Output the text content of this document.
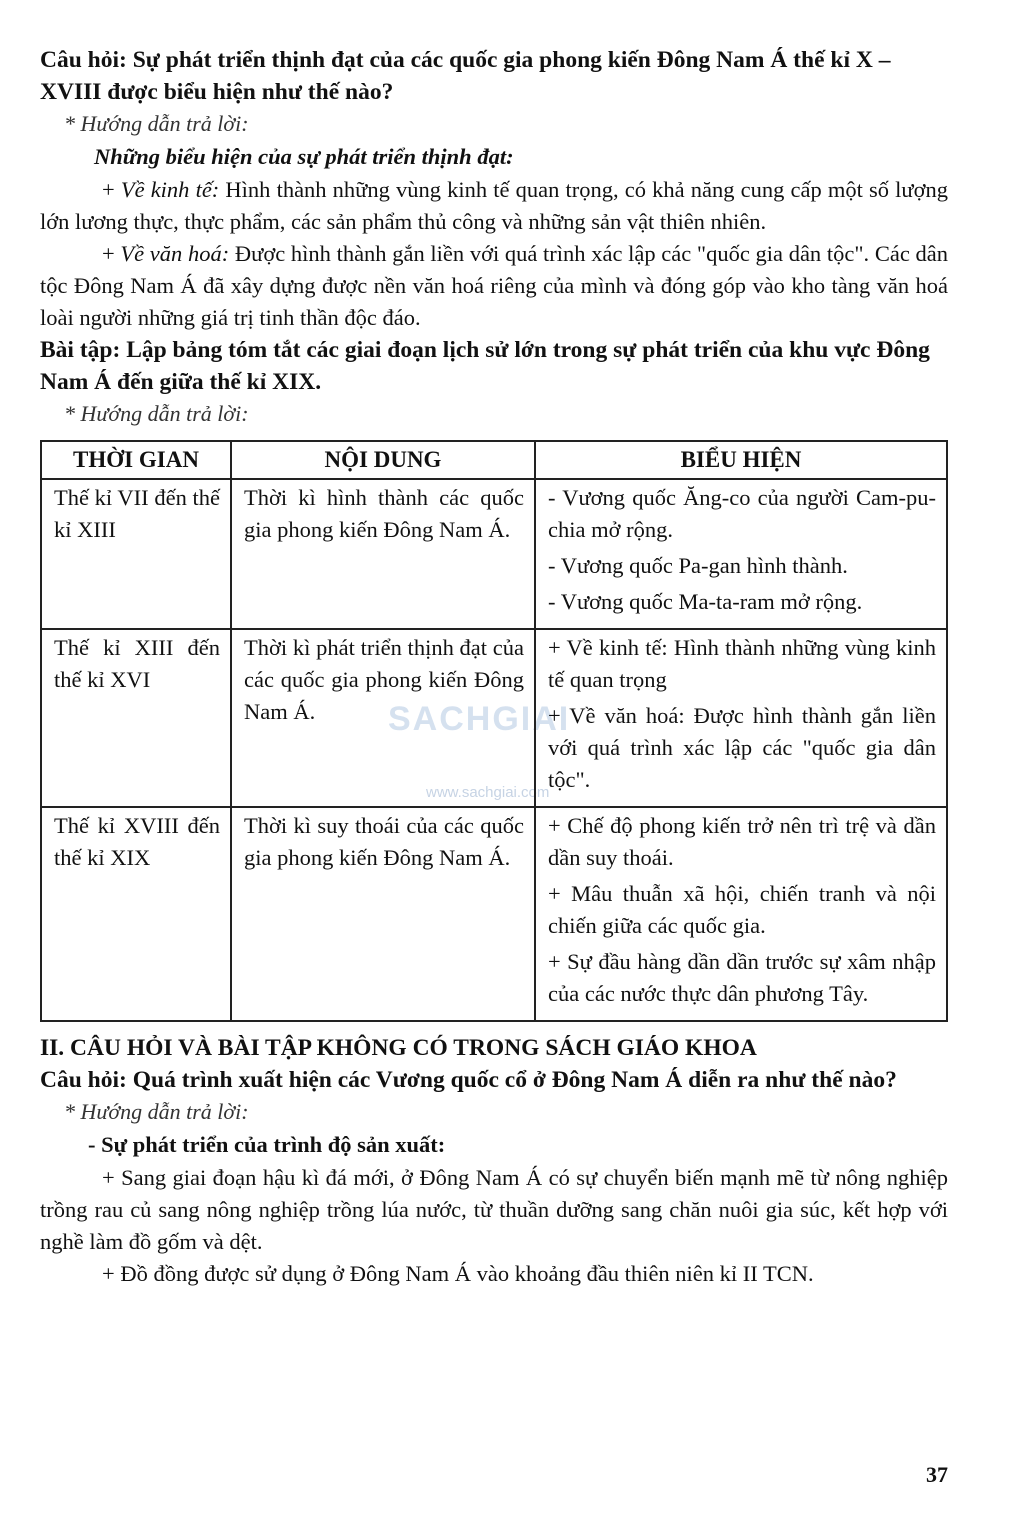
SACHGIAI
www.sachgiai.com

Câu hỏi: Sự phát triển thịnh đạt của các quốc gia phong kiến Đông Nam Á thế kỉ X – XVIII được biểu hiện như thế nào?

* Hướng dẫn trả lời:

Những biểu hiện của sự phát triển thịnh đạt:

+ Về kinh tế: Hình thành những vùng kinh tế quan trọng, có khả năng cung cấp một số lượng lớn lương thực, thực phẩm, các sản phẩm thủ công và những sản vật thiên nhiên.

+ Về văn hoá: Được hình thành gắn liền với quá trình xác lập các "quốc gia dân tộc". Các dân tộc Đông Nam Á đã xây dựng được nền văn hoá riêng của mình và đóng góp vào kho tàng văn hoá loài người những giá trị tinh thần độc đáo.

Bài tập: Lập bảng tóm tắt các giai đoạn lịch sử lớn trong sự phát triển của khu vực Đông Nam Á đến giữa thế kỉ XIX.

* Hướng dẫn trả lời:

THỜI GIAN	NỘI DUNG	BIỂU HIỆN
Thế kỉ VII đến thế kỉ XIII	Thời kì hình thành các quốc gia phong kiến Đông Nam Á.	- Vương quốc Ăng-co của người Cam-pu-chia mở rộng.

- Vương quốc Pa-gan hình thành.

- Vương quốc Ma-ta-ram mở rộng.

Thế kỉ XIII đến thế kỉ XVI	Thời kì phát triển thịnh đạt của các quốc gia phong kiến Đông Nam Á.	+ Về kinh tế: Hình thành những vùng kinh tế quan trọng

+ Về văn hoá: Được hình thành gắn liền với quá trình xác lập các "quốc gia dân tộc".

Thế kỉ XVIII đến thế kỉ XIX	Thời kì suy thoái của các quốc gia phong kiến Đông Nam Á.	+ Chế độ phong kiến trở nên trì trệ và dần dần suy thoái.

+ Mâu thuẫn xã hội, chiến tranh và nội chiến giữa các quốc gia.

+ Sự đầu hàng dần dần trước sự xâm nhập của các nước thực dân phương Tây.

II. CÂU HỎI VÀ BÀI TẬP KHÔNG CÓ TRONG SÁCH GIÁO KHOA

Câu hỏi: Quá trình xuất hiện các Vương quốc cổ ở Đông Nam Á diễn ra như thế nào?

* Hướng dẫn trả lời:

- Sự phát triển của trình độ sản xuất:

+ Sang giai đoạn hậu kì đá mới, ở Đông Nam Á có sự chuyển biến mạnh mẽ từ nông nghiệp trồng rau củ sang nông nghiệp trồng lúa nước, từ thuần dưỡng sang chăn nuôi gia súc, kết hợp với nghề làm đồ gốm và dệt.

+ Đồ đồng được sử dụng ở Đông Nam Á vào khoảng đầu thiên niên kỉ II TCN.

37
